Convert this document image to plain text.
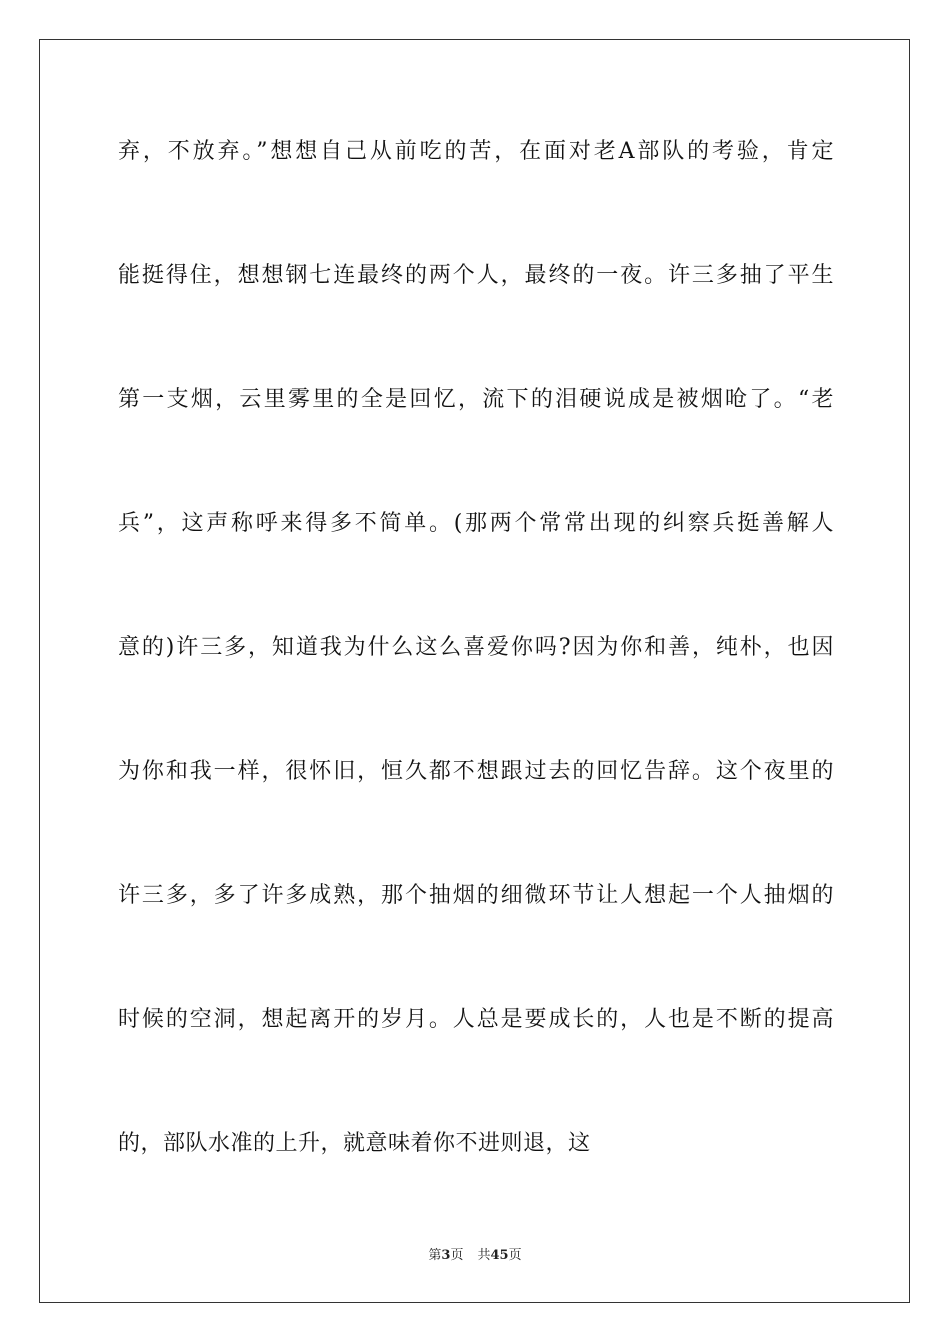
弃，不放弃。”想想自己从前吃的苦，在面对老A部队的考验，肯定
能挺得住，想想钢七连最终的两个人，最终的一夜。许三多抽了平生
第一支烟，云里雾里的全是回忆，流下的泪硬说成是被烟呛了。“老
兵”，这声称呼来得多不简单。(那两个常常出现的纠察兵挺善解人
意的)许三多，知道我为什么这么喜爱你吗?因为你和善，纯朴，也因
为你和我一样，很怀旧，恒久都不想跟过去的回忆告辞。这个夜里的
许三多，多了许多成熟，那个抽烟的细微环节让人想起一个人抽烟的
时候的空洞，想起离开的岁月。人总是要成长的，人也是不断的提高
的，部队水准的上升，就意味着你不进则退，这
第3页 共45页
